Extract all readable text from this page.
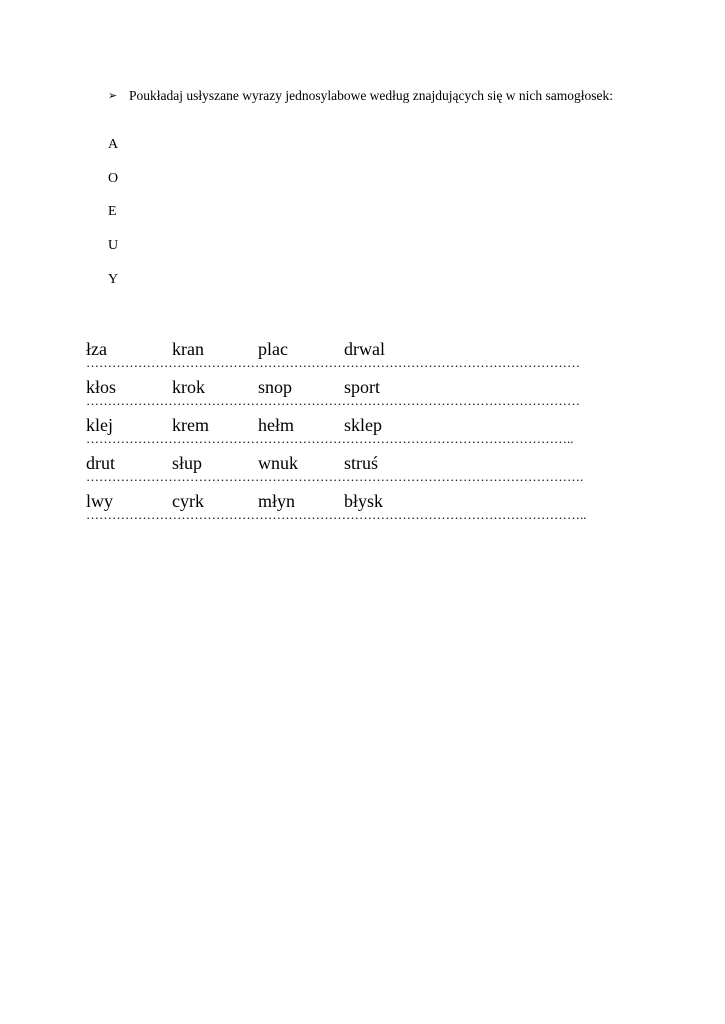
➢ Poukładaj usłyszane wyrazy jednosylabowe według znajdujących się w nich samogłosek:
A
O
E
U
Y
łza	kran	plac	drwal
……………………………………………………………………………………………………
kłos	krok	snop	sport
……………………………………………………………………………………………………
klej	krem	hełm	sklep
…………………………………………………………………………………………………..
drut	słup	wnuk	struś
…………………………………………………………………………………………………….
lwy	cyrk	młyn	błysk
……………………………………………………………………………………………………..
